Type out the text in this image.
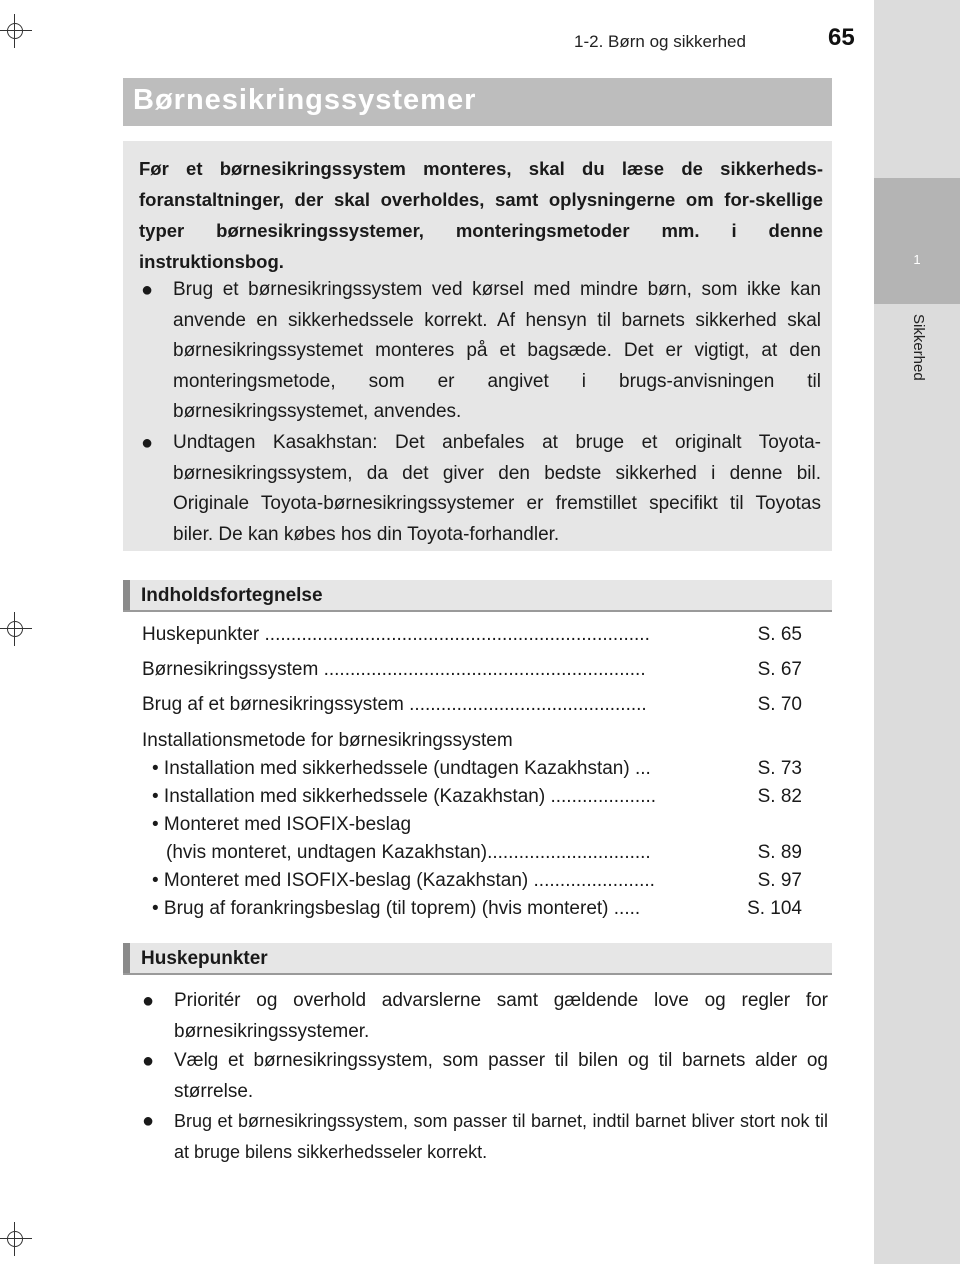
1
Sikkerhed
1-2. Børn og sikkerhed	65
Børnesikringssystemer
Før et børnesikringssystem monteres, skal du læse de sikkerheds-foranstaltninger, der skal overholdes, samt oplysningerne om for-skellige typer børnesikringssystemer, monteringsmetoder mm. i denne instruktionsbog.
● Brug et børnesikringssystem ved kørsel med mindre børn, som ikke kan anvende en sikkerhedssele korrekt. Af hensyn til barnets sikkerhed skal børnesikringssystemet monteres på et bagsæde. Det er vigtigt, at den monteringsmetode, som er angivet i brugs-anvisningen til børnesikringssystemet, anvendes.
● Undtagen Kasakhstan: Det anbefales at bruge et originalt Toyota-børnesikringssystem, da det giver den bedste sikkerhed i denne bil. Originale Toyota-børnesikringssystemer er fremstillet specifikt til Toyotas biler. De kan købes hos din Toyota-forhandler.
Indholdsfortegnelse
Huskepunkter .........................................................................	S. 65
Børnesikringssystem .............................................................	S. 67
Brug af et børnesikringssystem .............................................	S. 70
Installationsmetode for børnesikringssystem
• Installation med sikkerhedssele (undtagen Kazakhstan) ...	S. 73
• Installation med sikkerhedssele (Kazakhstan) ....................	S. 82
• Monteret med ISOFIX-beslag
(hvis monteret, undtagen Kazakhstan)...............................	S. 89
• Monteret med ISOFIX-beslag (Kazakhstan) .......................	S. 97
• Brug af forankringsbeslag (til toprem) (hvis monteret) .....	S. 104
Huskepunkter
● Prioritér og overhold advarslerne samt gældende love og regler for børnesikringssystemer.
● Vælg et børnesikringssystem, som passer til bilen og til barnets alder og størrelse.
● Brug et børnesikringssystem, som passer til barnet, indtil barnet bliver stort nok til at bruge bilens sikkerhedsseler korrekt.
